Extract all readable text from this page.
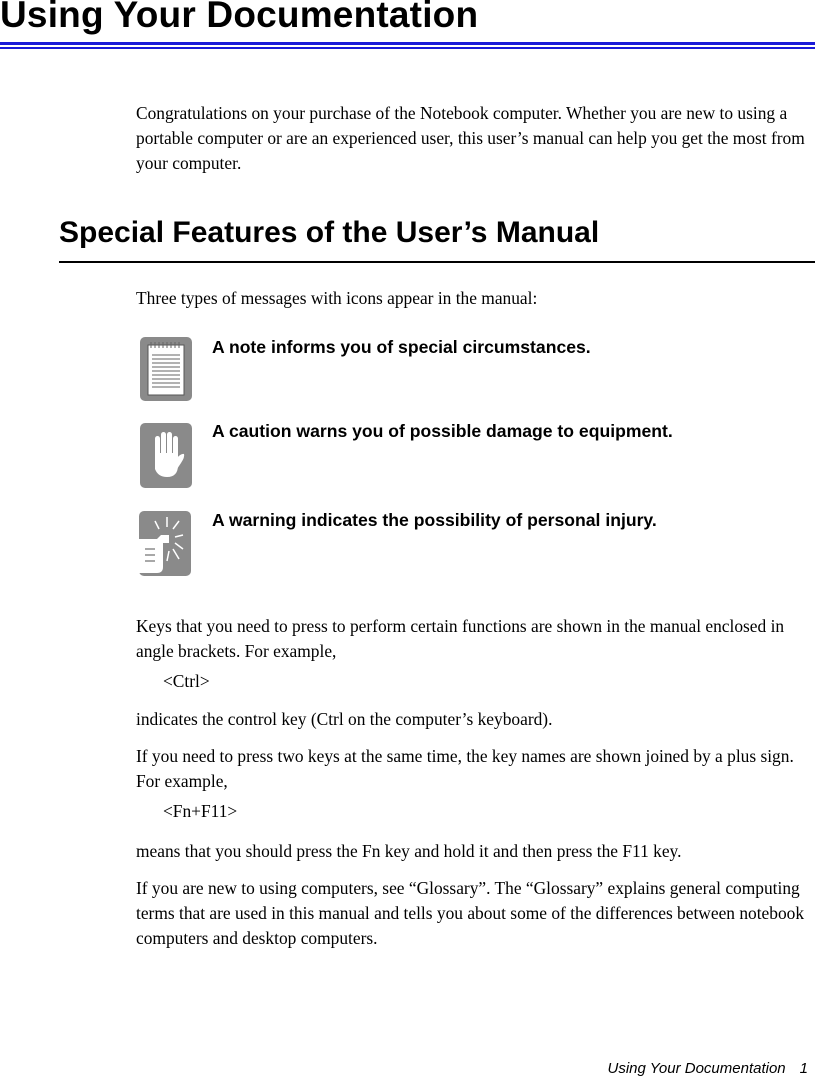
Using Your Documentation

Congratulations on your purchase of the Notebook computer. Whether you are new to using a portable computer or are an experienced user, this user’s manual can help you get the most from your computer.

Special Features of the User’s Manual

Three types of messages with icons appear in the manual:

A note informs you of special circumstances.

A caution warns you of possible damage to equipment.

A warning indicates the possibility of personal injury.

Keys that you need to press to perform certain functions are shown in the manual enclosed in angle brackets. For example,

<Ctrl>

indicates the control key (Ctrl on the computer’s keyboard).

If you need to press two keys at the same time, the key names are shown joined by a plus sign. For example,

<Fn+F11>

means that you should press the Fn key and hold it and then press the F11 key.

If you are new to using computers, see “Glossary”. The “Glossary” explains general computing terms that are used in this manual and tells you about some of the differences between notebook computers and desktop computers.

Using Your Documentation 1
